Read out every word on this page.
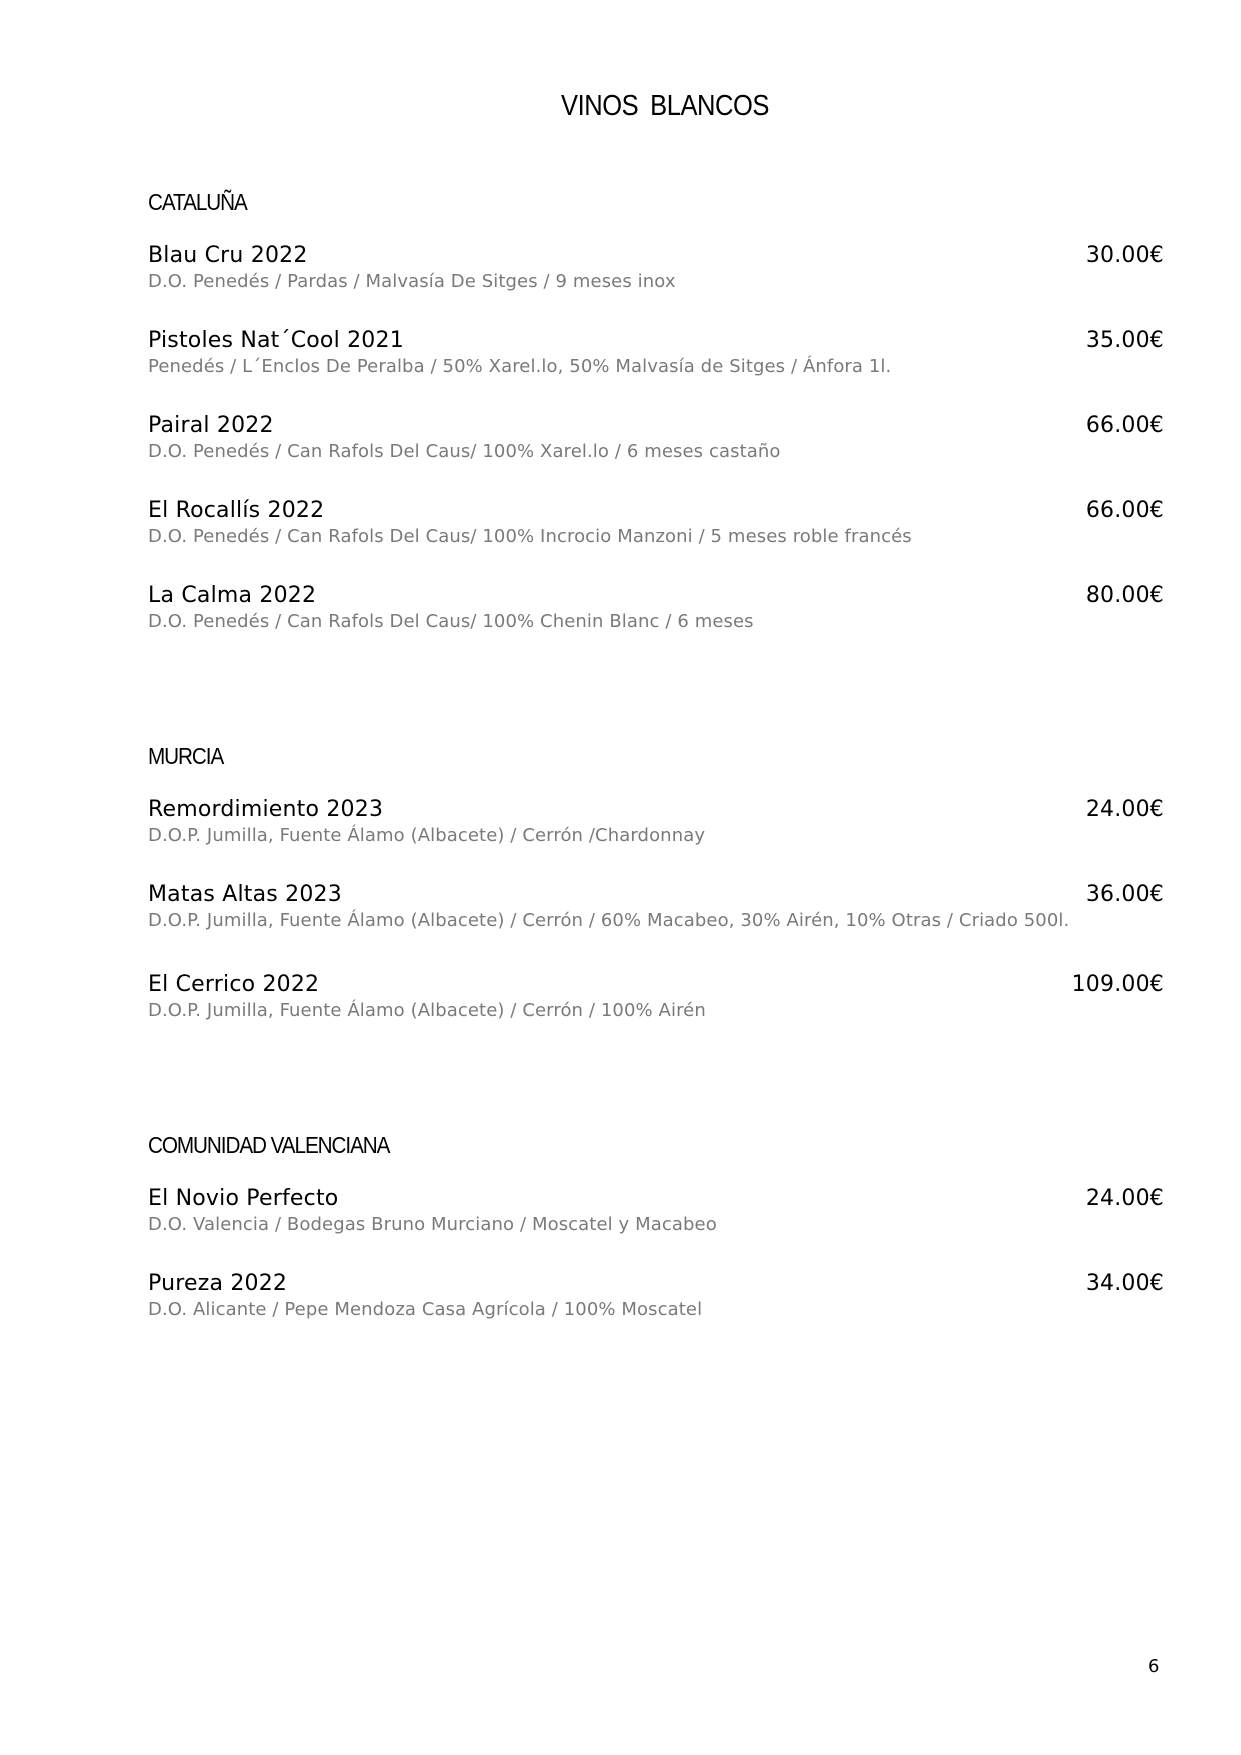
VINOS BLANCOS
CATALUÑA
Blau Cru 2022	30.00€
D.O. Penedés / Pardas / Malvasía De Sitges / 9 meses inox
Pistoles Nat´Cool 2021	35.00€
Penedés / L´Enclos De Peralba / 50% Xarel.lo, 50% Malvasía de Sitges / Ánfora 1l.
Pairal 2022	66.00€
D.O. Penedés / Can Rafols Del Caus/ 100% Xarel.lo / 6 meses castaño
El Rocallís 2022	66.00€
D.O. Penedés / Can Rafols Del Caus/ 100% Incrocio Manzoni / 5 meses roble francés
La Calma 2022	80.00€
D.O. Penedés / Can Rafols Del Caus/ 100% Chenin Blanc / 6 meses
MURCIA
Remordimiento 2023	24.00€
D.O.P. Jumilla, Fuente Álamo (Albacete) / Cerrón /Chardonnay
Matas Altas 2023	36.00€
D.O.P. Jumilla, Fuente Álamo (Albacete) / Cerrón / 60% Macabeo, 30% Airén, 10% Otras / Criado 500l.
El Cerrico 2022	109.00€
D.O.P. Jumilla, Fuente Álamo (Albacete) / Cerrón / 100% Airén
COMUNIDAD VALENCIANA
El Novio Perfecto	24.00€
D.O. Valencia / Bodegas Bruno Murciano / Moscatel y Macabeo
Pureza 2022	34.00€
D.O. Alicante / Pepe Mendoza Casa Agrícola / 100% Moscatel
6
